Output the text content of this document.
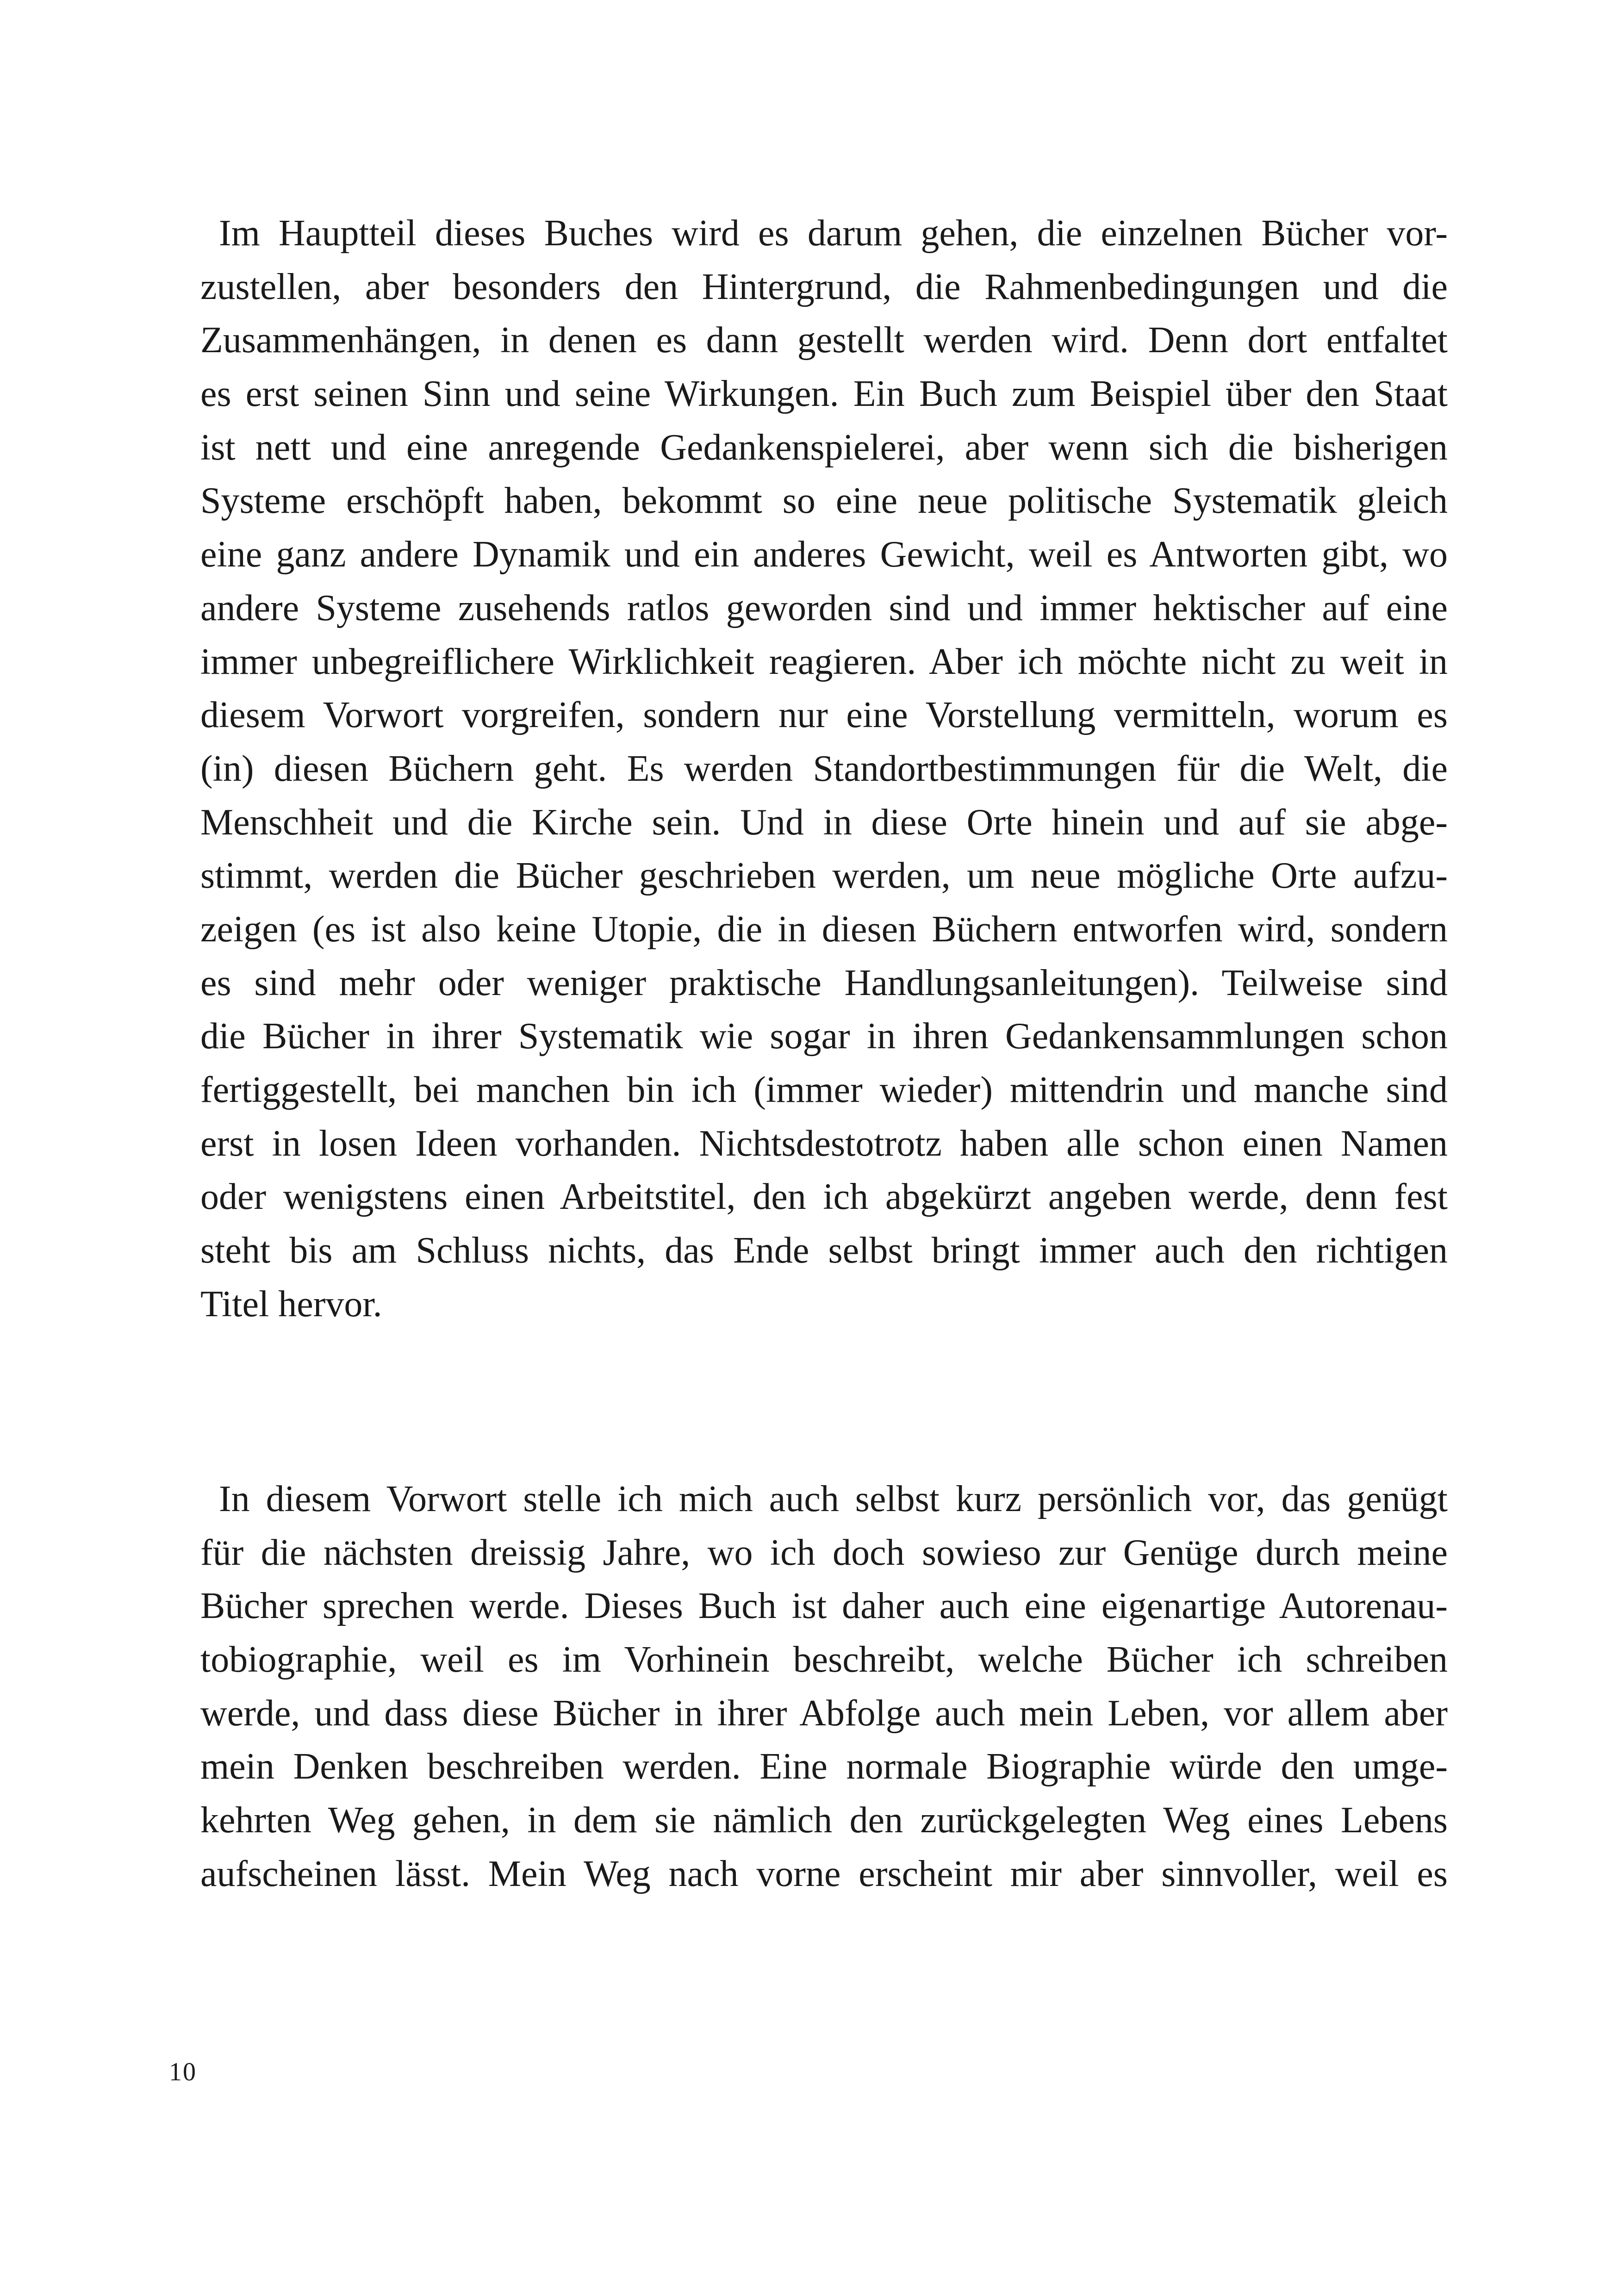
Im Hauptteil dieses Buches wird es darum gehen, die einzelnen Bücher vor-
zustellen, aber besonders den Hintergrund, die Rahmenbedingungen und die
Zusammenhängen, in denen es dann gestellt werden wird. Denn dort entfaltet
es erst seinen Sinn und seine Wirkungen. Ein Buch zum Beispiel über den Staat
ist nett und eine anregende Gedankenspielerei, aber wenn sich die bisherigen
Systeme erschöpft haben, bekommt so eine neue politische Systematik gleich
eine ganz andere Dynamik und ein anderes Gewicht, weil es Antworten gibt, wo
andere Systeme zusehends ratlos geworden sind und immer hektischer auf eine
immer unbegreiflichere Wirklichkeit reagieren. Aber ich möchte nicht zu weit in
diesem Vorwort vorgreifen, sondern nur eine Vorstellung vermitteln, worum es
(in) diesen Büchern geht. Es werden Standortbestimmungen für die Welt, die
Menschheit und die Kirche sein. Und in diese Orte hinein und auf sie abge-
stimmt, werden die Bücher geschrieben werden, um neue mögliche Orte aufzu-
zeigen (es ist also keine Utopie, die in diesen Büchern entworfen wird, sondern
es sind mehr oder weniger praktische Handlungsanleitungen). Teilweise sind
die Bücher in ihrer Systematik wie sogar in ihren Gedankensammlungen schon
fertiggestellt, bei manchen bin ich (immer wieder) mittendrin und manche sind
erst in losen Ideen vorhanden. Nichtsdestotrotz haben alle schon einen Namen
oder wenigstens einen Arbeitstitel, den ich abgekürzt angeben werde, denn fest
steht bis am Schluss nichts, das Ende selbst bringt immer auch den richtigen
Titel hervor.
In diesem Vorwort stelle ich mich auch selbst kurz persönlich vor, das genügt
für die nächsten dreissig Jahre, wo ich doch sowieso zur Genüge durch meine
Bücher sprechen werde. Dieses Buch ist daher auch eine eigenartige Autorenau-
tobiographie, weil es im Vorhinein beschreibt, welche Bücher ich schreiben
werde, und dass diese Bücher in ihrer Abfolge auch mein Leben, vor allem aber
mein Denken beschreiben werden. Eine normale Biographie würde den umge-
kehrten Weg gehen, in dem sie nämlich den zurückgelegten Weg eines Lebens
aufscheinen lässt. Mein Weg nach vorne erscheint mir aber sinnvoller, weil es
10
